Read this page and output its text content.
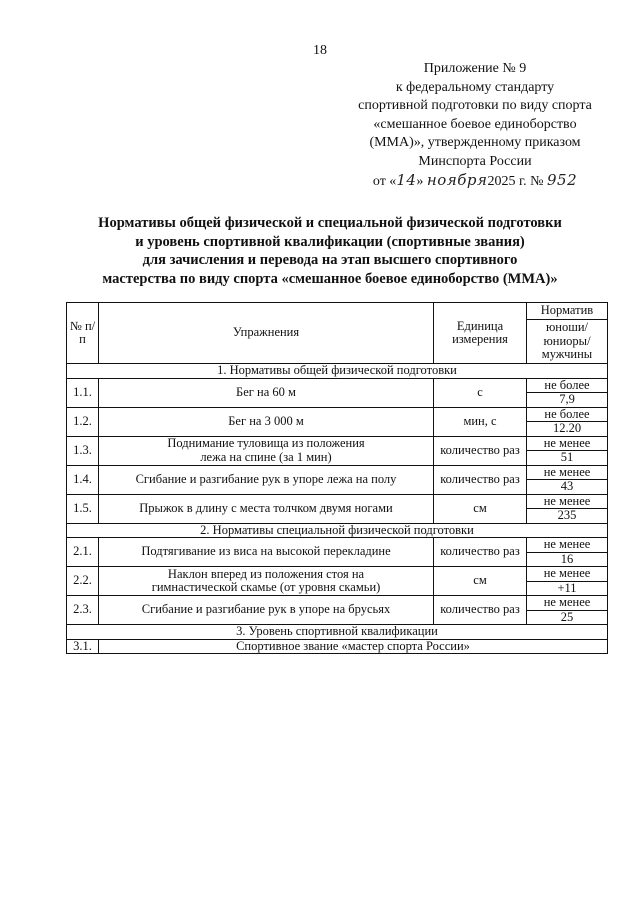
18
Приложение № 9
к федеральному стандарту
спортивной подготовки по виду спорта
«смешанное боевое единоборство
(ММА)», утвержденному приказом
Минспорта России
от «14» ноября2025 г. № 952
Нормативы общей физической и специальной физической подготовки
и уровень спортивной квалификации (спортивные звания)
для зачисления и перевода на этап высшего спортивного
мастерства по виду спорта «смешанное боевое единоборство (ММА)»
№ п/п	Упражнения	Единица измерения	Норматив
			юноши/ юниоры/ мужчины
1. Нормативы общей физической подготовки			
1.1.	Бег на 60 м	с	не более
			7,9
1.2.	Бег на 3 000 м	мин, с	не более
			12.20
1.3.	Поднимание туловища из положения лежа на спине (за 1 мин)	количество раз	не менее
			51
1.4.	Сгибание и разгибание рук в упоре лежа на полу	количество раз	не менее
			43
1.5.	Прыжок в длину с места толчком двумя ногами	см	не менее
			235
2. Нормативы специальной физической подготовки			
2.1.	Подтягивание из виса на высокой перекладине	количество раз	не менее
			16
2.2.	Наклон вперед из положения стоя на гимнастической скамье (от уровня скамьи)	см	не менее
			+11
2.3.	Сгибание и разгибание рук в упоре на брусьях	количество раз	не менее
			25
3. Уровень спортивной квалификации			
3.1.	Спортивное звание «мастер спорта России»		
